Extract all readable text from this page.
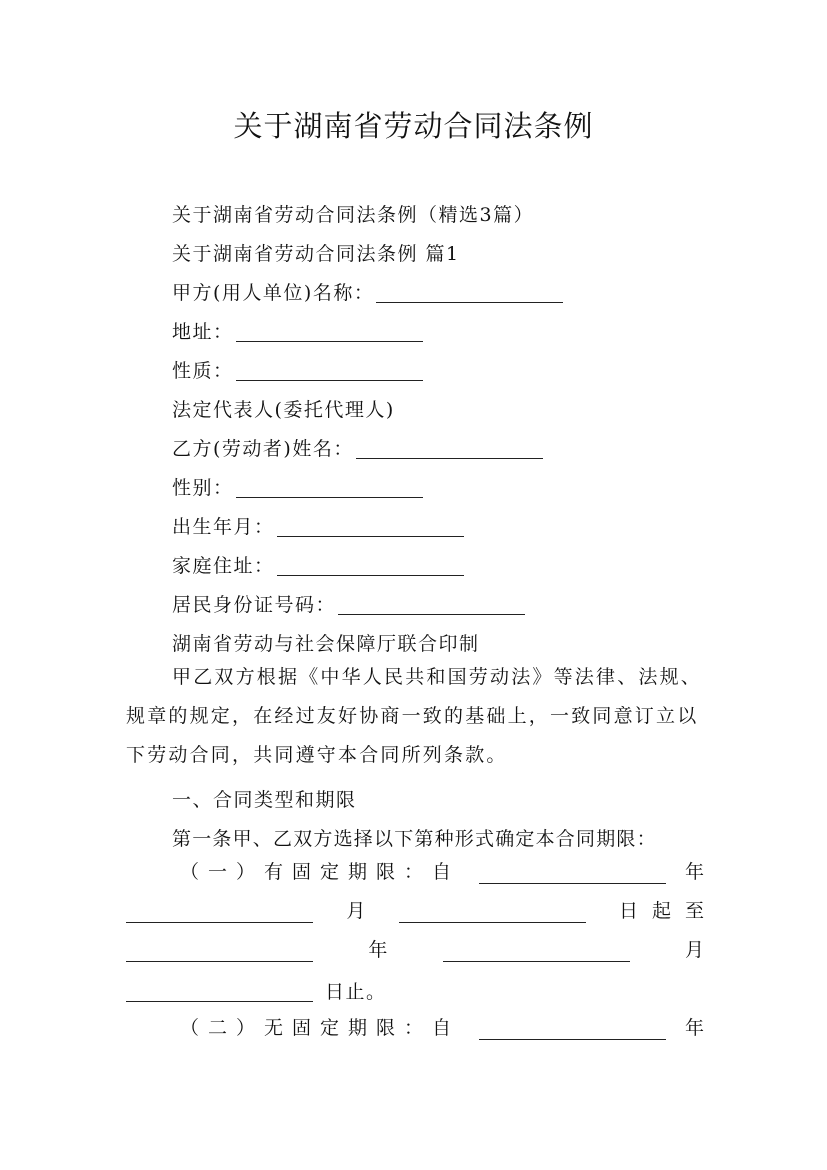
关于湖南省劳动合同法条例
关于湖南省劳动合同法条例（精选3篇）
关于湖南省劳动合同法条例 篇1
甲方(用人单位)名称：
地址：
性质：
法定代表人(委托代理人)
乙方(劳动者)姓名：
性别：
出生年月：
家庭住址：
居民身份证号码：
湖南省劳动与社会保障厅联合印制

甲乙双方根据《中华人民共和国劳动法》等法律、法规、规章的规定，在经过友好协商一致的基础上，一致同意订立以下劳动合同，共同遵守本合同所列条款。

一、合同类型和期限
第一条甲、乙双方选择以下第种形式确定本合同期限：
（一）有固定期限：自	年
月	日起至
年	月
日止。
（二）无固定期限：自	年
